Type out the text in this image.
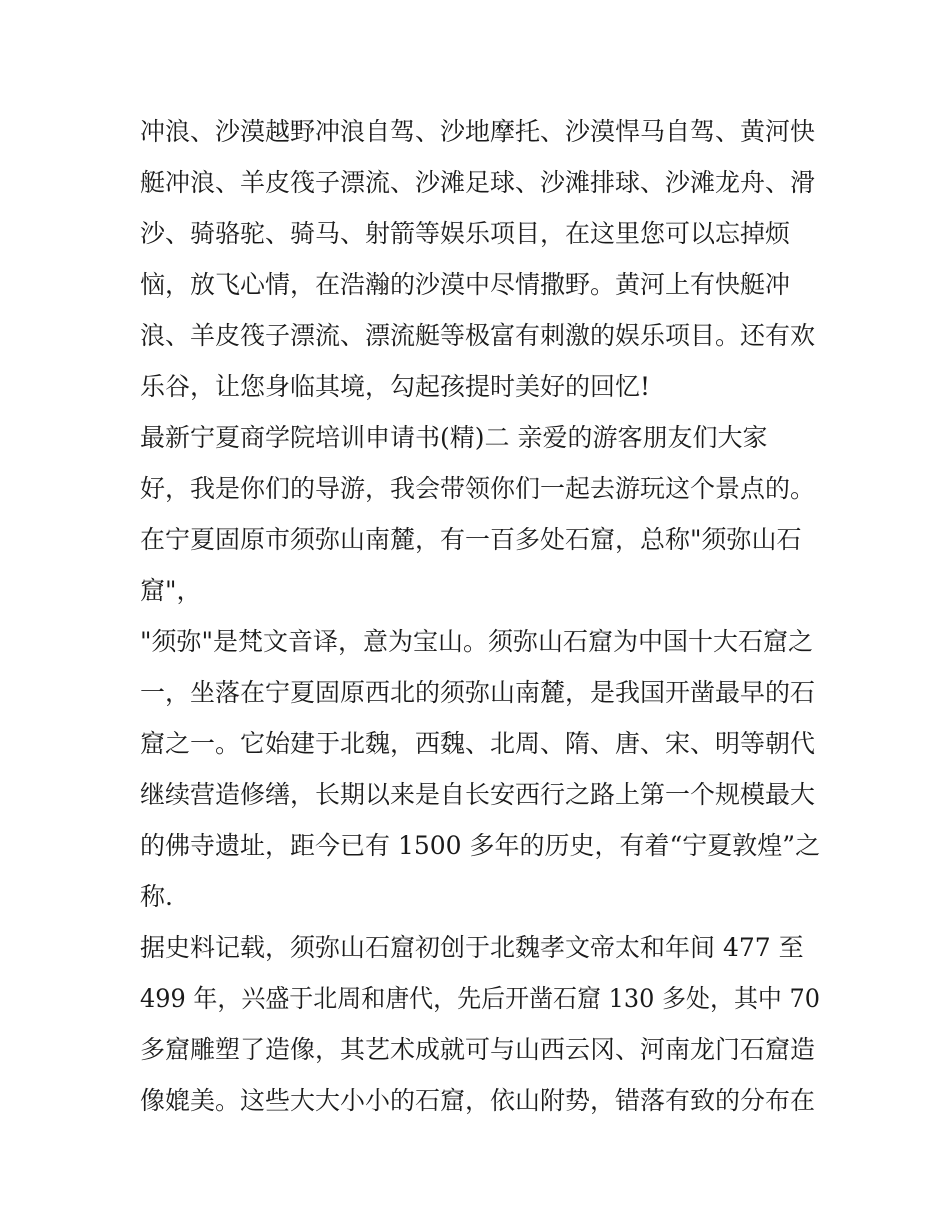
冲浪、沙漠越野冲浪自驾、沙地摩托、沙漠悍马自驾、黄河快
艇冲浪、羊皮筏子漂流、沙滩足球、沙滩排球、沙滩龙舟、滑
沙、骑骆驼、骑马、射箭等娱乐项目，在这里您可以忘掉烦
恼，放飞心情，在浩瀚的沙漠中尽情撒野。黄河上有快艇冲
浪、羊皮筏子漂流、漂流艇等极富有刺激的娱乐项目。还有欢
乐谷，让您身临其境，勾起孩提时美好的回忆!
最新宁夏商学院培训申请书(精)二 亲爱的游客朋友们大家
好，我是你们的导游，我会带领你们一起去游玩这个景点的。
在宁夏固原市须弥山南麓，有一百多处石窟，总称"须弥山石
窟"，
"须弥"是梵文音译，意为宝山。须弥山石窟为中国十大石窟之
一，坐落在宁夏固原西北的须弥山南麓，是我国开凿最早的石
窟之一。它始建于北魏，西魏、北周、隋、唐、宋、明等朝代
继续营造修缮，长期以来是自长安西行之路上第一个规模最大
的佛寺遗址，距今已有 1500 多年的历史，有着“宁夏敦煌”之
称.
据史料记载，须弥山石窟初创于北魏孝文帝太和年间 477 至
499 年，兴盛于北周和唐代，先后开凿石窟 130 多处，其中 70
多窟雕塑了造像，其艺术成就可与山西云冈、河南龙门石窟造
像媲美。这些大大小小的石窟，依山附势，错落有致的分布在
